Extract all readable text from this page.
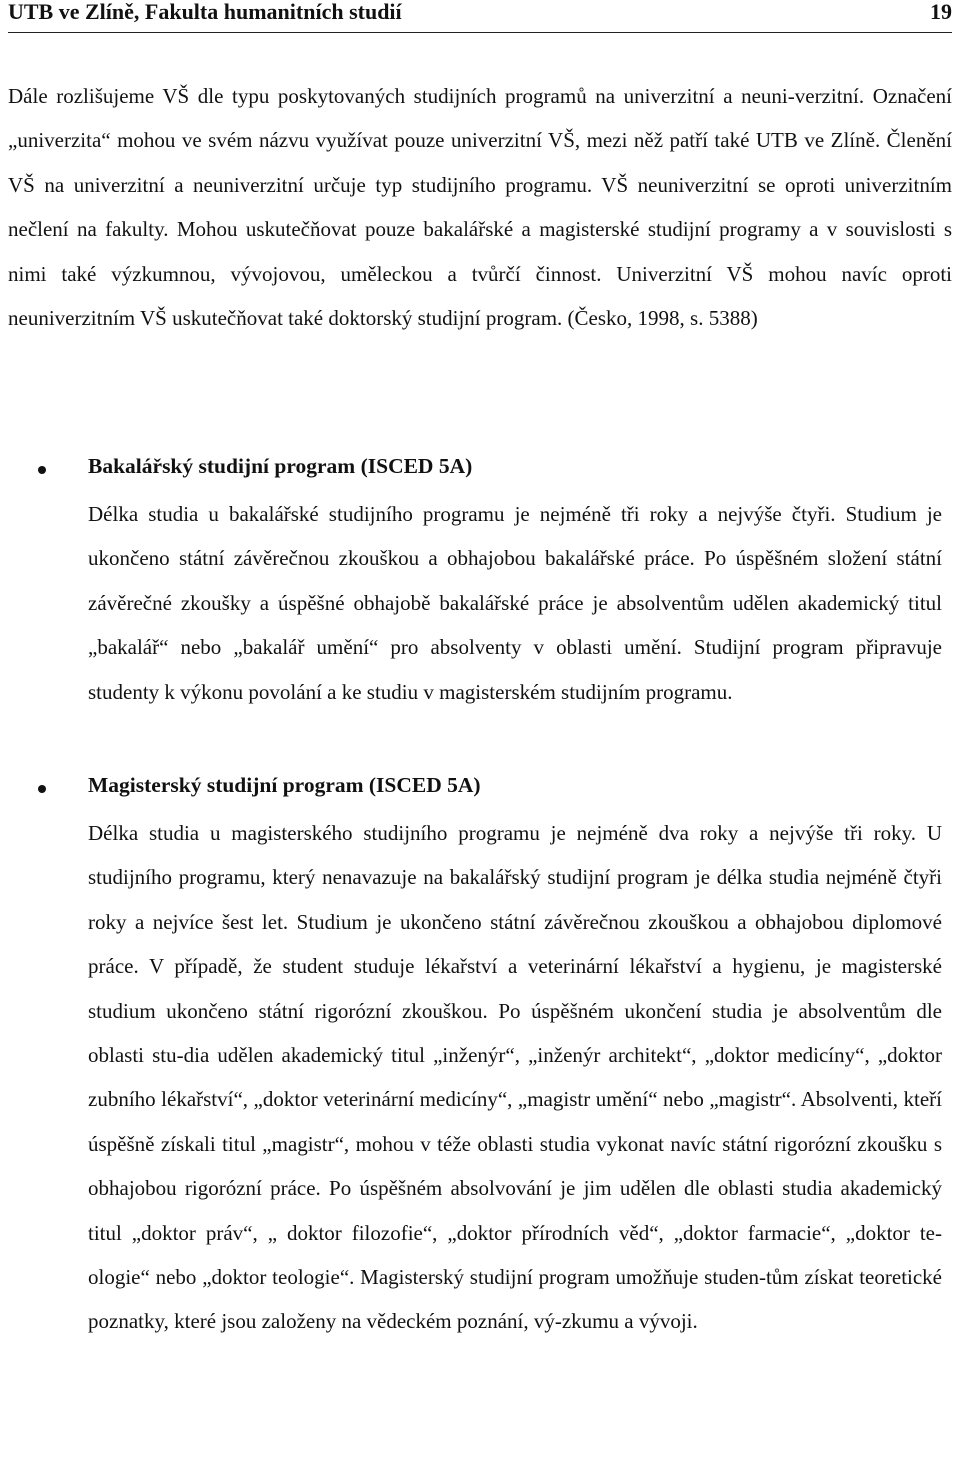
UTB ve Zlíně, Fakulta humanitních studií	19

Dále rozlišujeme VŠ dle typu poskytovaných studijních programů na univerzitní a neuni-verzitní. Označení „univerzita“ mohou ve svém názvu využívat pouze univerzitní VŠ, mezi něž patří také UTB ve Zlíně. Členění VŠ na univerzitní a neuniverzitní určuje typ studijního programu. VŠ neuniverzitní se oproti univerzitním nečlení na fakulty. Mohou uskutečňovat pouze bakalářské a magisterské studijní programy a v souvislosti s nimi také výzkumnou, vývojovou, uměleckou a tvůrčí činnost. Univerzitní VŠ mohou navíc oproti neuniverzitním VŠ uskutečňovat také doktorský studijní program. (Česko, 1998, s. 5388)

Bakalářský studijní program (ISCED 5A)

Délka studia u bakalářské studijního programu je nejméně tři roky a nejvýše čtyři. Studium je ukončeno státní závěrečnou zkouškou a obhajobou bakalářské práce. Po úspěšném složení státní závěrečné zkoušky a úspěšné obhajobě bakalářské práce je absolventům udělen akademický titul „bakalář“ nebo „bakalář umění“ pro absolventy v oblasti umění. Studijní program připravuje studenty k výkonu povolání a ke studiu v magisterském studijním programu.

Magisterský studijní program (ISCED 5A)

Délka studia u magisterského studijního programu je nejméně dva roky a nejvýše tři roky. U studijního programu, který nenavazuje na bakalářský studijní program je délka studia nejméně čtyři roky a nejvíce šest let. Studium je ukončeno státní závěrečnou zkouškou a obhajobou diplomové práce. V případě, že student studuje lékařství a veterinární lékařství a hygienu, je magisterské studium ukončeno státní rigorózní zkouškou. Po úspěšném ukončení studia je absolventům dle oblasti stu-dia udělen akademický titul „inženýr“, „inženýr architekt“, „doktor medicíny“, „doktor zubního lékařství“, „doktor veterinární medicíny“, „magistr umění“ nebo „magistr“. Absolventi, kteří úspěšně získali titul „magistr“, mohou v téže oblasti studia vykonat navíc státní rigorózní zkoušku s obhajobou rigorózní práce. Po úspěšném absolvování je jim udělen dle oblasti studia akademický titul „doktor práv“, „ doktor filozofie“, „doktor přírodních věd“, „doktor farmacie“, „doktor te-ologie“ nebo „doktor teologie“. Magisterský studijní program umožňuje studen-tům získat teoretické poznatky, které jsou založeny na vědeckém poznání, vý-zkumu a vývoji.
